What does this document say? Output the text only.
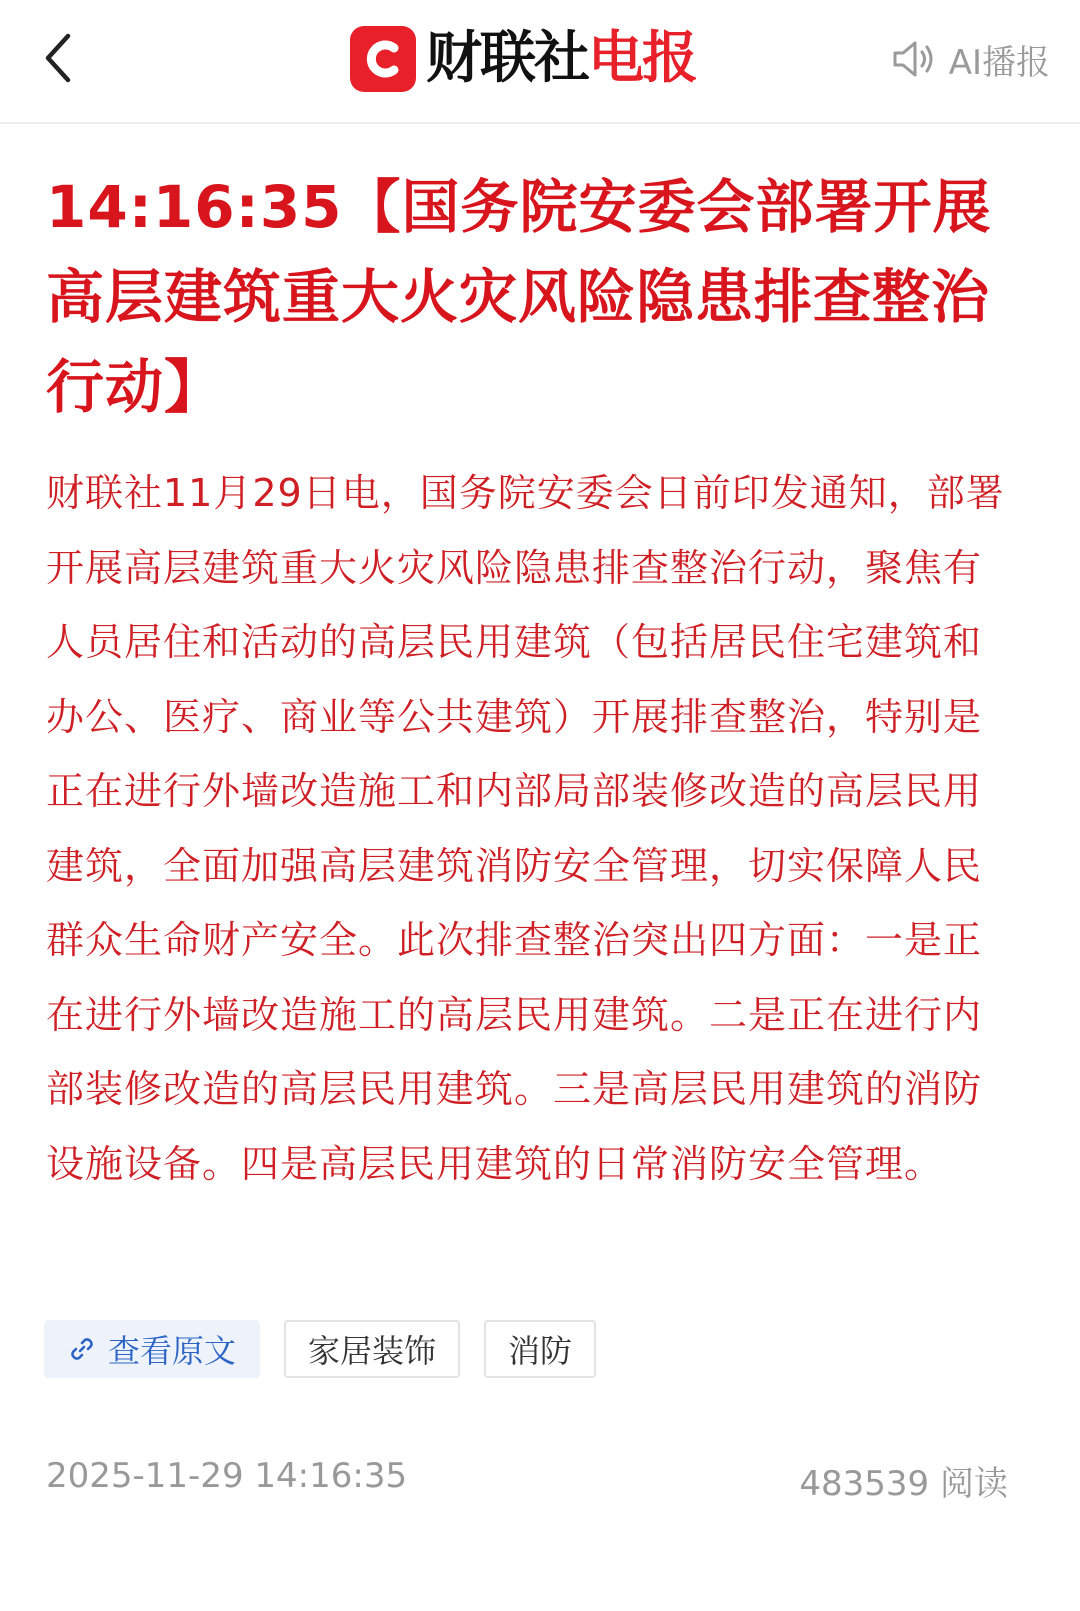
财联社电报	AI播报
14:16:35【国务院安委会部署开展高层建筑重大火灾风险隐患排查整治行动】

财联社11月29日电，国务院安委会日前印发通知，部署开展高层建筑重大火灾风险隐患排查整治行动，聚焦有人员居住和活动的高层民用建筑（包括居民住宅建筑和办公、医疗、商业等公共建筑）开展排查整治，特别是正在进行外墙改造施工和内部局部装修改造的高层民用建筑，全面加强高层建筑消防安全管理，切实保障人民群众生命财产安全。此次排查整治突出四方面：一是正在进行外墙改造施工的高层民用建筑。二是正在进行内部装修改造的高层民用建筑。三是高层民用建筑的消防设施设备。四是高层民用建筑的日常消防安全管理。

查看原文	家居装饰	消防
2025-11-29 14:16:35	483539 阅读
